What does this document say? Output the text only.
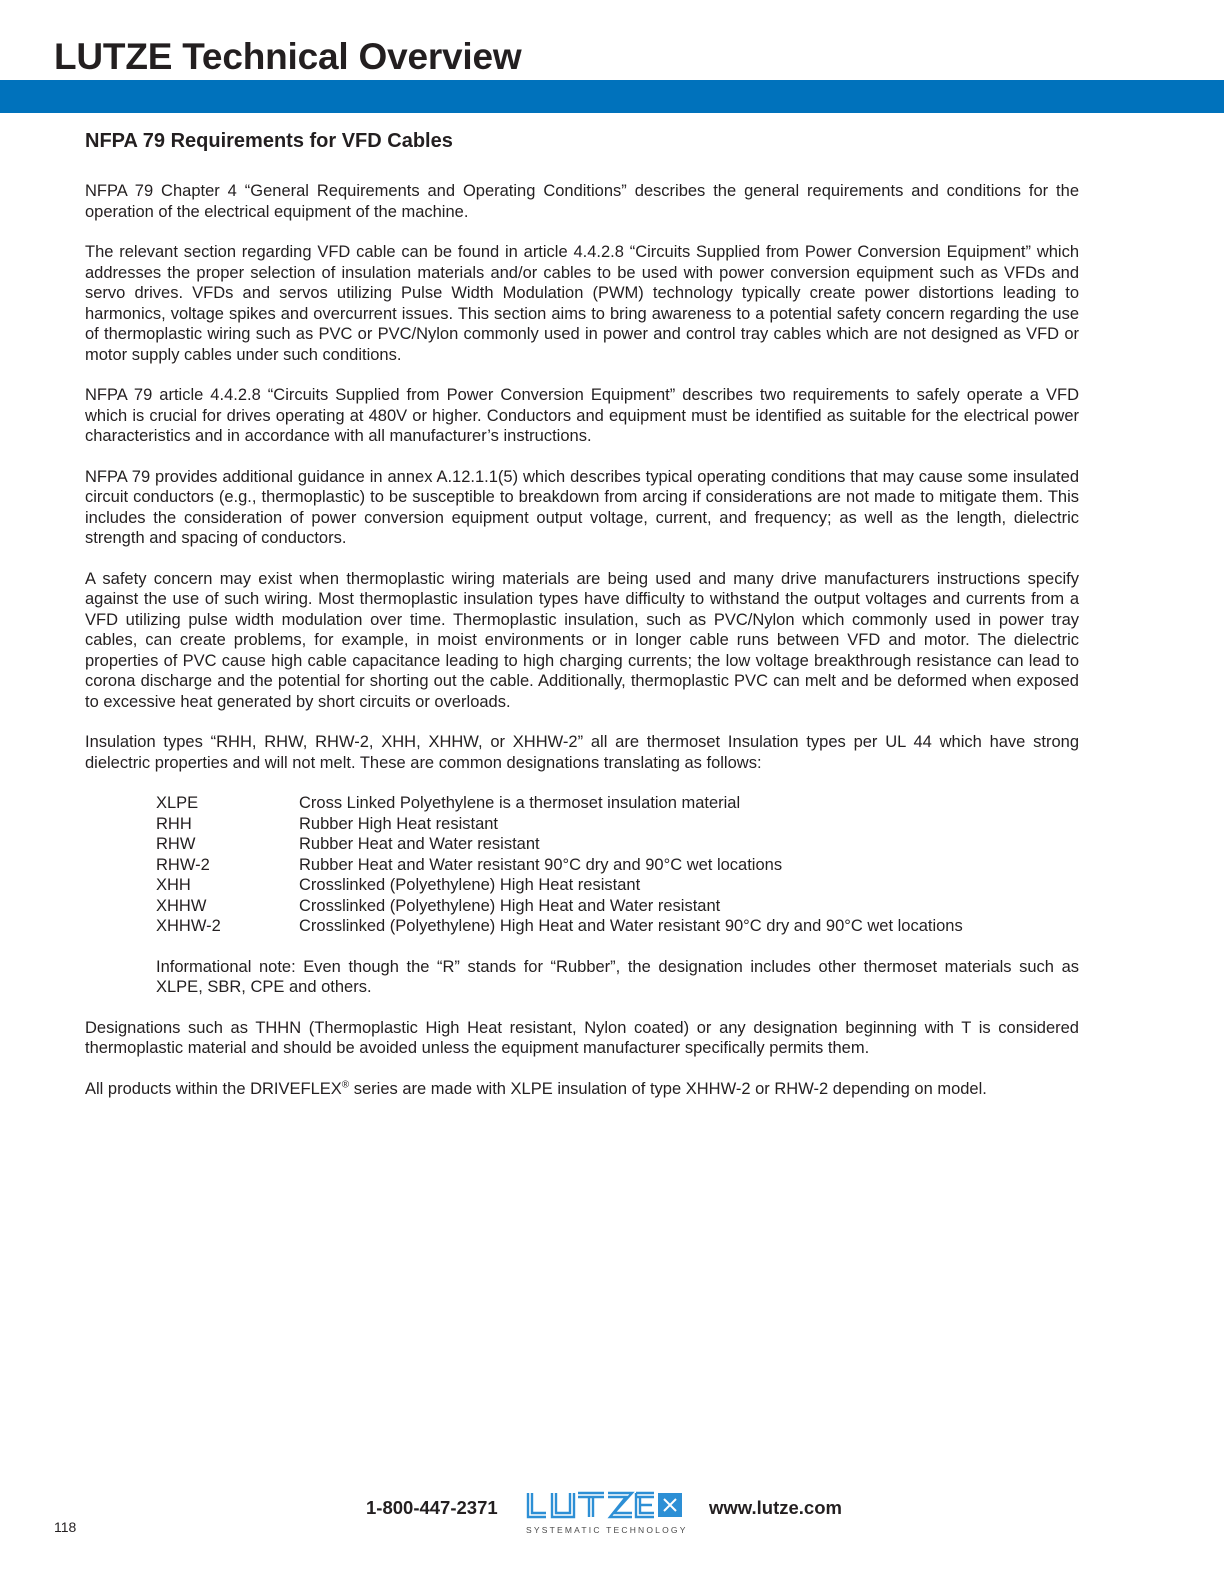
LUTZE Technical Overview
NFPA 79 Requirements for VFD Cables

NFPA 79 Chapter 4 “General Requirements and Operating Conditions” describes the general requirements and conditions for the operation of the electrical equipment of the machine.

The relevant section regarding VFD cable can be found in article 4.4.2.8 “Circuits Supplied from Power Conversion Equipment” which addresses the proper selection of insulation materials and/or cables to be used with power conversion equipment such as VFDs and servo drives. VFDs and servos utilizing Pulse Width Modulation (PWM) technology typically create power distortions leading to harmonics, voltage spikes and overcurrent issues. This section aims to bring awareness to a potential safety concern regarding the use of thermoplastic wiring such as PVC or PVC/Nylon commonly used in power and control tray cables which are not designed as VFD or motor supply cables under such conditions.

NFPA 79 article 4.4.2.8 “Circuits Supplied from Power Conversion Equipment” describes two requirements to safely operate a VFD which is crucial for drives operating at 480V or higher. Conductors and equipment must be identified as suitable for the electrical power characteristics and in accordance with all manufacturer’s instructions.

NFPA 79 provides additional guidance in annex A.12.1.1(5) which describes typical operating conditions that may cause some insulated circuit conductors (e.g., thermoplastic) to be susceptible to breakdown from arcing if considerations are not made to mitigate them. This includes the consideration of power conversion equipment output voltage, current, and frequency; as well as the length, dielectric strength and spacing of conductors.

A safety concern may exist when thermoplastic wiring materials are being used and many drive manufacturers instructions specify against the use of such wiring. Most thermoplastic insulation types have difficulty to withstand the output voltages and currents from a VFD utilizing pulse width modulation over time. Thermoplastic insulation, such as PVC/Nylon which commonly used in power tray cables, can create problems, for example, in moist environments or in longer cable runs between VFD and motor. The dielectric properties of PVC cause high cable capacitance leading to high charging currents; the low voltage breakthrough resistance can lead to corona discharge and the potential for shorting out the cable. Additionally, thermoplastic PVC can melt and be deformed when exposed to excessive heat generated by short circuits or overloads.

Insulation types “RHH, RHW, RHW-2, XHH, XHHW, or XHHW-2” all are thermoset Insulation types per UL 44 which have strong dielectric properties and will not melt. These are common designations translating as follows:

XLPE	Cross Linked Polyethylene is a thermoset insulation material
RHH	Rubber High Heat resistant
RHW	Rubber Heat and Water resistant
RHW-2	Rubber Heat and Water resistant 90°C dry and 90°C wet locations
XHH	Crosslinked (Polyethylene) High Heat resistant
XHHW	Crosslinked (Polyethylene) High Heat and Water resistant
XHHW-2	Crosslinked (Polyethylene) High Heat and Water resistant 90°C dry and 90°C wet locations

Informational note: Even though the “R” stands for “Rubber”, the designation includes other thermoset materials such as XLPE, SBR, CPE and others.

Designations such as THHN (Thermoplastic High Heat resistant, Nylon coated) or any designation beginning with T is considered thermoplastic material and should be avoided unless the equipment manufacturer specifically permits them.

All products within the DRIVEFLEX® series are made with XLPE insulation of type XHHW-2 or RHW-2 depending on model.

1-800-447-2371
SYSTEMATIC TECHNOLOGY
www.lutze.com
118
